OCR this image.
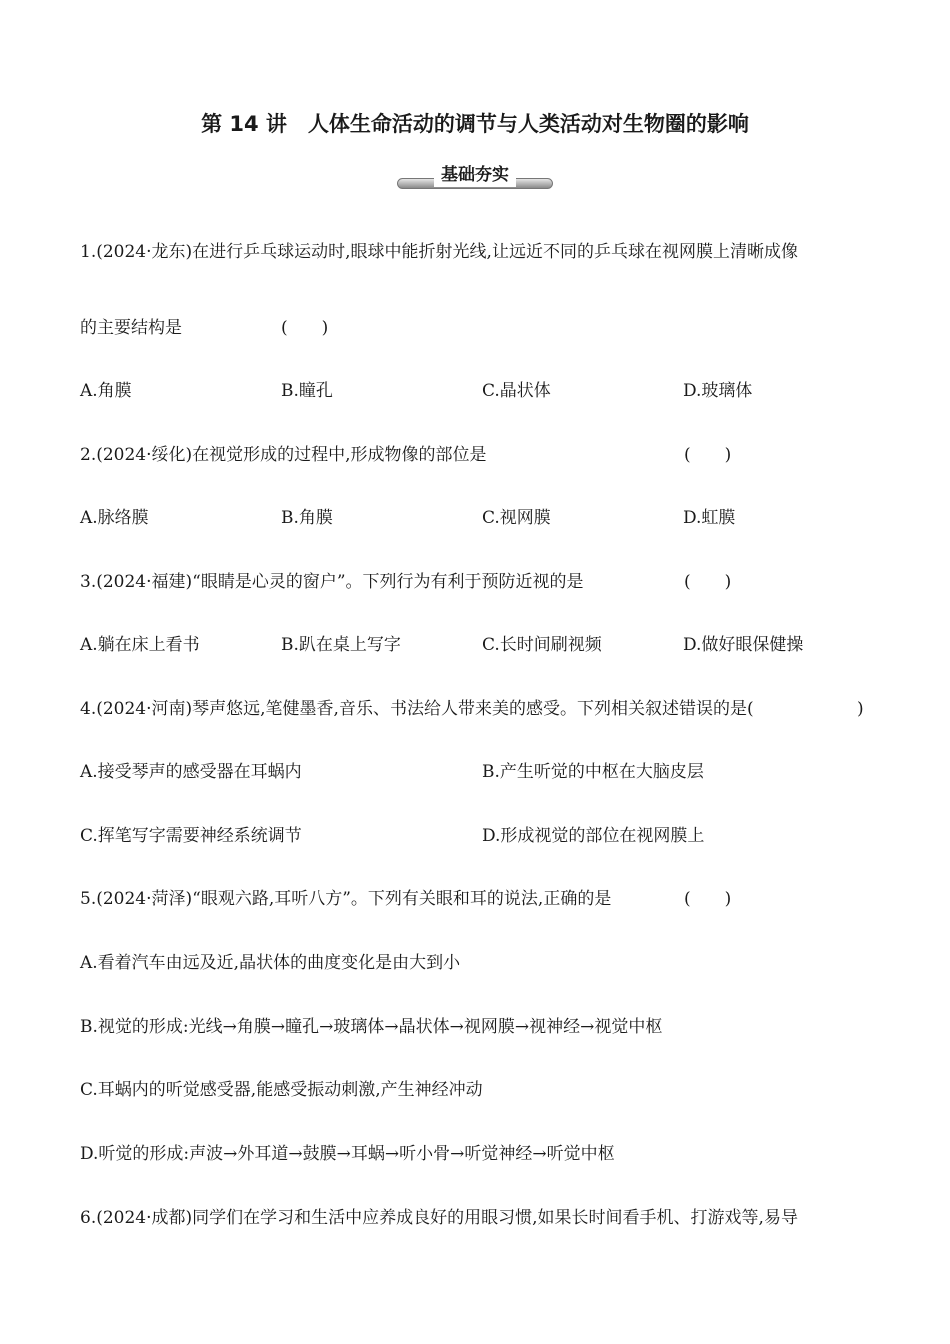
第 14 讲　人体生命活动的调节与人类活动对生物圈的影响
基础夯实
1.(2024·龙东)在进行乒乓球运动时,眼球中能折射光线,让远近不同的乒乓球在视网膜上清晰成像
的主要结构是	(　　)
A.角膜	B.瞳孔	C.晶状体	D.玻璃体
2.(2024·绥化)在视觉形成的过程中,形成物像的部位是	(　　)
A.脉络膜	B.角膜	C.视网膜	D.虹膜
3.(2024·福建)“眼睛是心灵的窗户”。下列行为有利于预防近视的是	(　　)
A.躺在床上看书	B.趴在桌上写字	C.长时间刷视频	D.做好眼保健操
4.(2024·河南)琴声悠远,笔健墨香,音乐、书法给人带来美的感受。下列相关叙述错误的是(	)
A.接受琴声的感受器在耳蜗内	B.产生听觉的中枢在大脑皮层
C.挥笔写字需要神经系统调节	D.形成视觉的部位在视网膜上
5.(2024·菏泽)“眼观六路,耳听八方”。下列有关眼和耳的说法,正确的是	(　　)
A.看着汽车由远及近,晶状体的曲度变化是由大到小
B.视觉的形成:光线→角膜→瞳孔→玻璃体→晶状体→视网膜→视神经→视觉中枢
C.耳蜗内的听觉感受器,能感受振动刺激,产生神经冲动
D.听觉的形成:声波→外耳道→鼓膜→耳蜗→听小骨→听觉神经→听觉中枢
6.(2024·成都)同学们在学习和生活中应养成良好的用眼习惯,如果长时间看手机、打游戏等,易导
